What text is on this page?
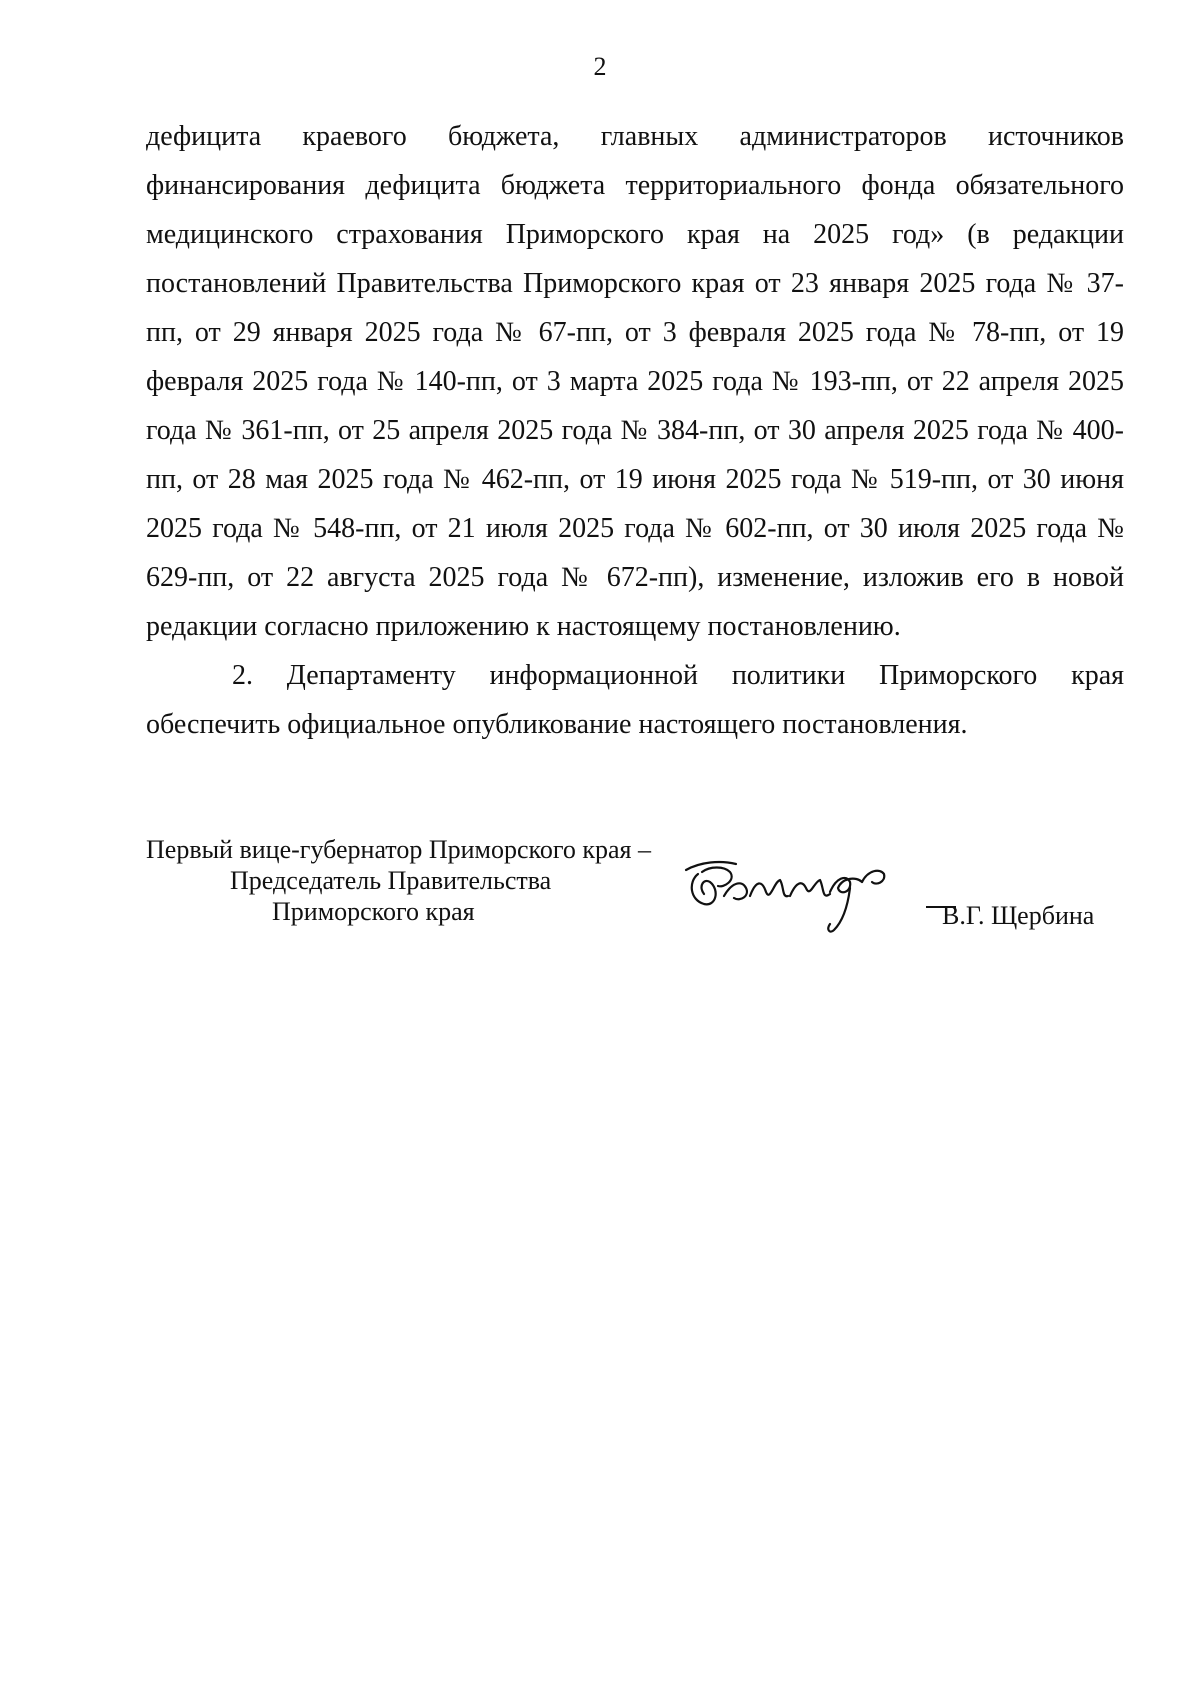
2

дефицита краевого бюджета, главных администраторов источников финансирования дефицита бюджета территориального фонда обязательного медицинского страхования Приморского края на 2025 год» (в редакции постановлений Правительства Приморского края от 23 января 2025 года № 37- пп, от 29 января 2025 года № 67-пп, от 3 февраля 2025 года № 78-пп, от 19 февраля 2025 года № 140-пп, от 3 марта 2025 года № 193-пп, от 22 апреля 2025 года № 361-пп, от 25 апреля 2025 года № 384-пп, от 30 апреля 2025 года № 400-пп, от 28 мая 2025 года № 462-пп, от 19 июня 2025 года № 519-пп, от 30 июня 2025 года № 548-пп, от 21 июля 2025 года № 602-пп, от 30 июля 2025 года № 629-пп, от 22 августа 2025 года № 672-пп), изменение, изложив его в новой редакции согласно приложению к настоящему постановлению.

2. Департаменту информационной политики Приморского края обеспечить официальное опубликование настоящего постановления.

Первый вице-губернатор Приморского края –
Председатель Правительства
Приморского края	В.Г. Щербина
